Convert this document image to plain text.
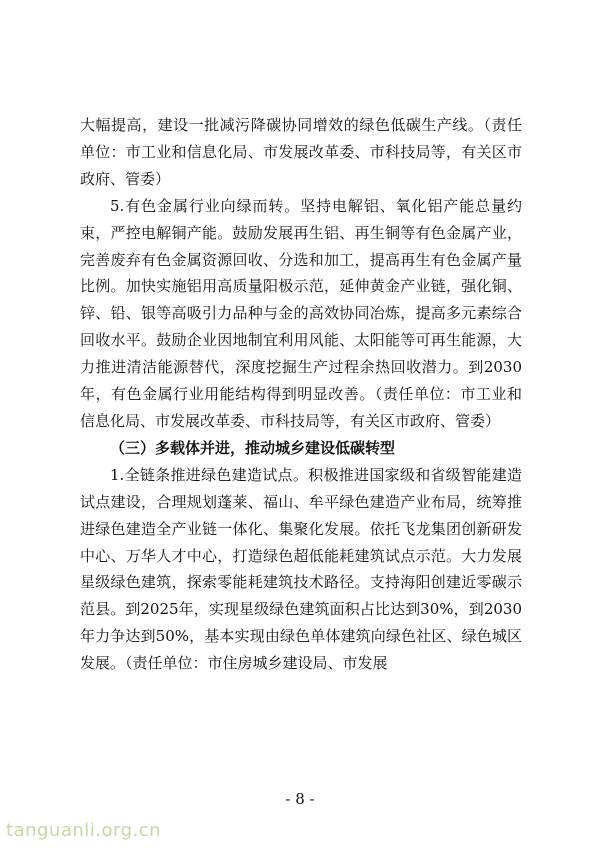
大幅提高，建设一批减污降碳协同增效的绿色低碳生产线。（责任单位：市工业和信息化局、市发展改革委、市科技局等，有关区市政府、管委）

5.有色金属行业向绿而转。坚持电解铝、氧化铝产能总量约束，严控电解铜产能。鼓励发展再生铝、再生铜等有色金属产业，完善废弃有色金属资源回收、分选和加工，提高再生有色金属产量比例。加快实施铝用高质量阳极示范，延伸黄金产业链，强化铜、锌、铅、银等高吸引力品种与金的高效协同冶炼，提高多元素综合回收水平。鼓励企业因地制宜利用风能、太阳能等可再生能源，大力推进清洁能源替代，深度挖掘生产过程余热回收潜力。到2030年，有色金属行业用能结构得到明显改善。（责任单位：市工业和信息化局、市发展改革委、市科技局等，有关区市政府、管委）

（三）多载体并进，推动城乡建设低碳转型

1.全链条推进绿色建造试点。积极推进国家级和省级智能建造试点建设，合理规划蓬莱、福山、牟平绿色建造产业布局，统筹推进绿色建造全产业链一体化、集聚化发展。依托飞龙集团创新研发中心、万华人才中心，打造绿色超低能耗建筑试点示范。大力发展星级绿色建筑，探索零能耗建筑技术路径。支持海阳创建近零碳示范县。到2025年，实现星级绿色建筑面积占比达到30%，到2030年力争达到50%，基本实现由绿色单体建筑向绿色社区、绿色城区发展。（责任单位：市住房城乡建设局、市发展

- 8 -
tanguanli.org.cn
